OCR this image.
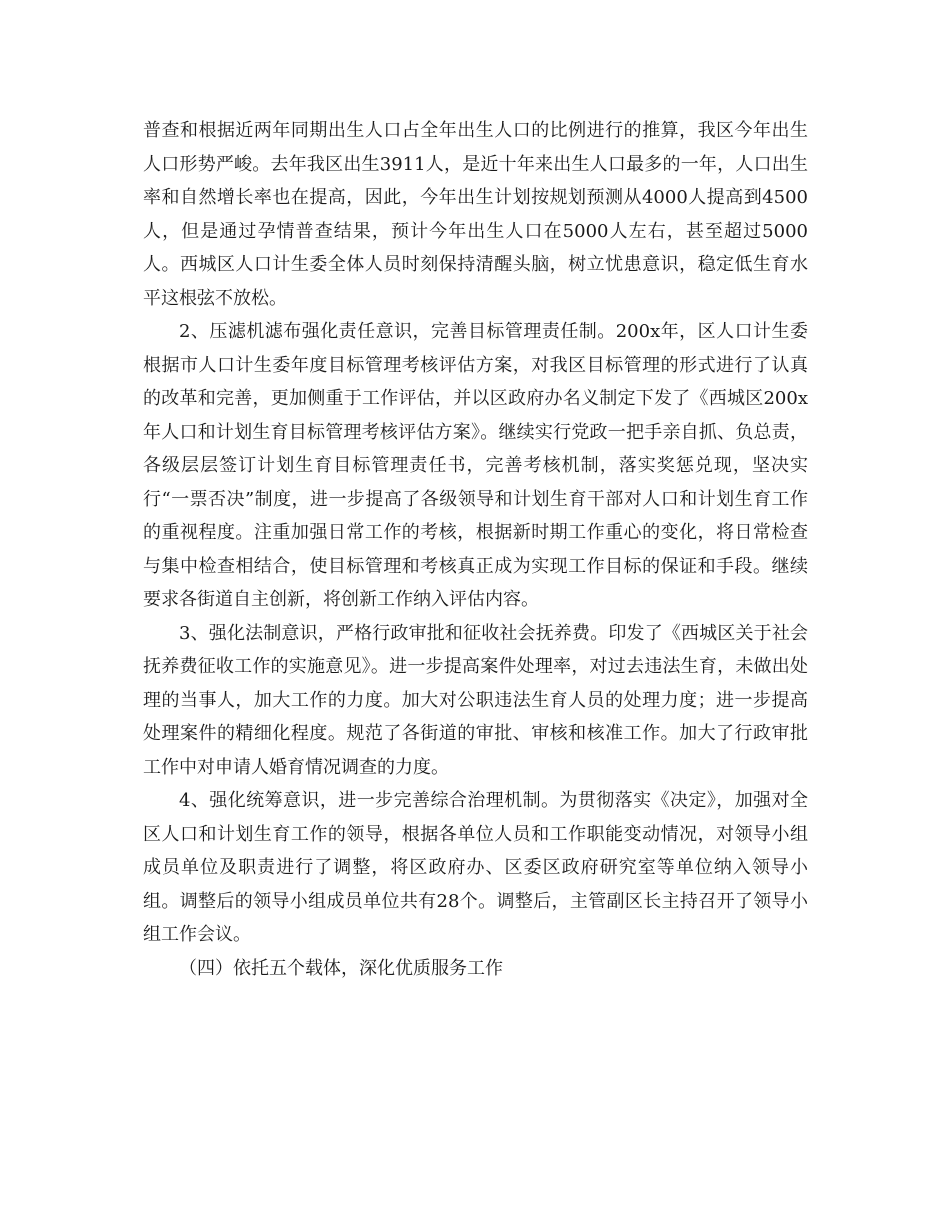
普查和根据近两年同期出生人口占全年出生人口的比例进行的推算，我区今年出生人口形势严峻。去年我区出生3911人，是近十年来出生人口最多的一年，人口出生率和自然增长率也在提高，因此，今年出生计划按规划预测从4000人提高到4500人，但是通过孕情普查结果，预计今年出生人口在5000人左右，甚至超过5000人。西城区人口计生委全体人员时刻保持清醒头脑，树立忧患意识，稳定低生育水平这根弦不放松。

2、压滤机滤布强化责任意识，完善目标管理责任制。200x年，区人口计生委根据市人口计生委年度目标管理考核评估方案，对我区目标管理的形式进行了认真的改革和完善，更加侧重于工作评估，并以区政府办名义制定下发了《西城区200x年人口和计划生育目标管理考核评估方案》。继续实行党政一把手亲自抓、负总责，各级层层签订计划生育目标管理责任书，完善考核机制，落实奖惩兑现，坚决实行“一票否决”制度，进一步提高了各级领导和计划生育干部对人口和计划生育工作的重视程度。注重加强日常工作的考核，根据新时期工作重心的变化，将日常检查与集中检查相结合，使目标管理和考核真正成为实现工作目标的保证和手段。继续要求各街道自主创新，将创新工作纳入评估内容。

3、强化法制意识，严格行政审批和征收社会抚养费。印发了《西城区关于社会抚养费征收工作的实施意见》。进一步提高案件处理率，对过去违法生育，未做出处理的当事人，加大工作的力度。加大对公职违法生育人员的处理力度；进一步提高处理案件的精细化程度。规范了各街道的审批、审核和核准工作。加大了行政审批工作中对申请人婚育情况调查的力度。

4、强化统筹意识，进一步完善综合治理机制。为贯彻落实《决定》，加强对全区人口和计划生育工作的领导，根据各单位人员和工作职能变动情况，对领导小组成员单位及职责进行了调整，将区政府办、区委区政府研究室等单位纳入领导小组。调整后的领导小组成员单位共有28个。调整后，主管副区长主持召开了领导小组工作会议。

（四）依托五个载体，深化优质服务工作
